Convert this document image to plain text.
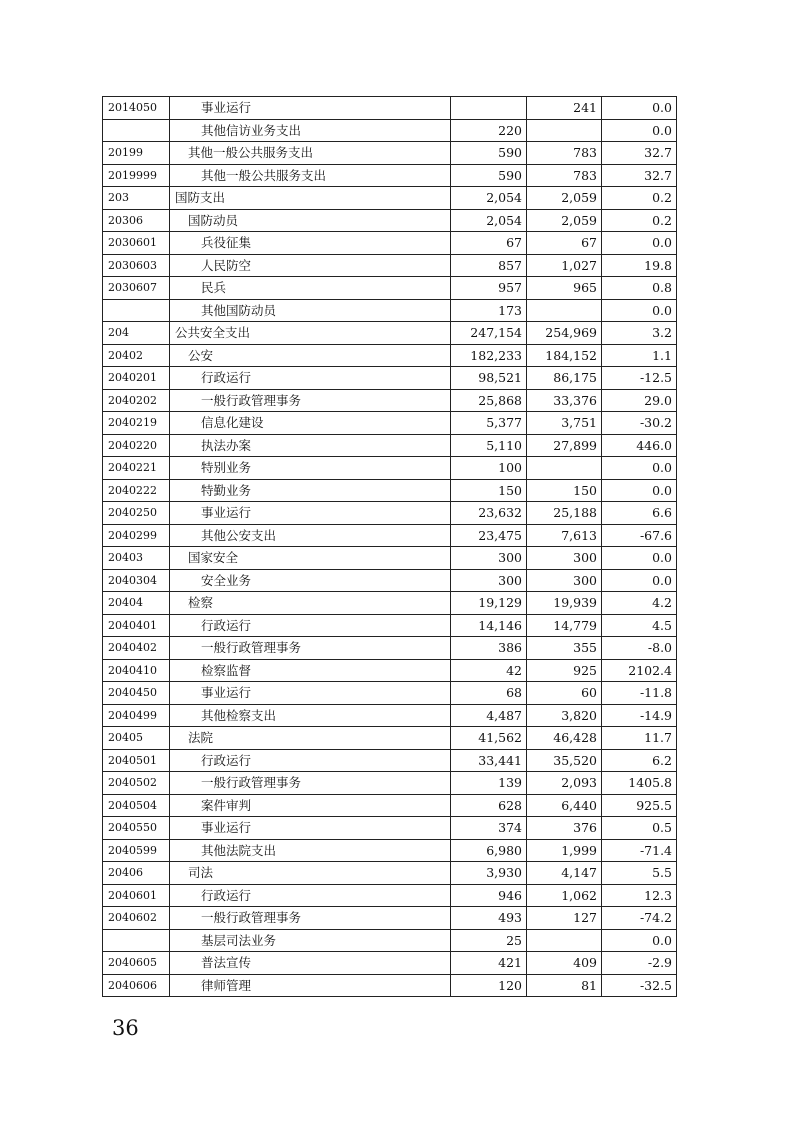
2014050	事业运行		241	0.0
	其他信访业务支出	220		0.0
20199	其他一般公共服务支出	590	783	32.7
2019999	其他一般公共服务支出	590	783	32.7
203	国防支出	2,054	2,059	0.2
20306	国防动员	2,054	2,059	0.2
2030601	兵役征集	67	67	0.0
2030603	人民防空	857	1,027	19.8
2030607	民兵	957	965	0.8
	其他国防动员	173		0.0
204	公共安全支出	247,154	254,969	3.2
20402	公安	182,233	184,152	1.1
2040201	行政运行	98,521	86,175	-12.5
2040202	一般行政管理事务	25,868	33,376	29.0
2040219	信息化建设	5,377	3,751	-30.2
2040220	执法办案	5,110	27,899	446.0
2040221	特别业务	100		0.0
2040222	特勤业务	150	150	0.0
2040250	事业运行	23,632	25,188	6.6
2040299	其他公安支出	23,475	7,613	-67.6
20403	国家安全	300	300	0.0
2040304	安全业务	300	300	0.0
20404	检察	19,129	19,939	4.2
2040401	行政运行	14,146	14,779	4.5
2040402	一般行政管理事务	386	355	-8.0
2040410	检察监督	42	925	2102.4
2040450	事业运行	68	60	-11.8
2040499	其他检察支出	4,487	3,820	-14.9
20405	法院	41,562	46,428	11.7
2040501	行政运行	33,441	35,520	6.2
2040502	一般行政管理事务	139	2,093	1405.8
2040504	案件审判	628	6,440	925.5
2040550	事业运行	374	376	0.5
2040599	其他法院支出	6,980	1,999	-71.4
20406	司法	3,930	4,147	5.5
2040601	行政运行	946	1,062	12.3
2040602	一般行政管理事务	493	127	-74.2
	基层司法业务	25		0.0
2040605	普法宣传	421	409	-2.9
2040606	律师管理	120	81	-32.5
36
